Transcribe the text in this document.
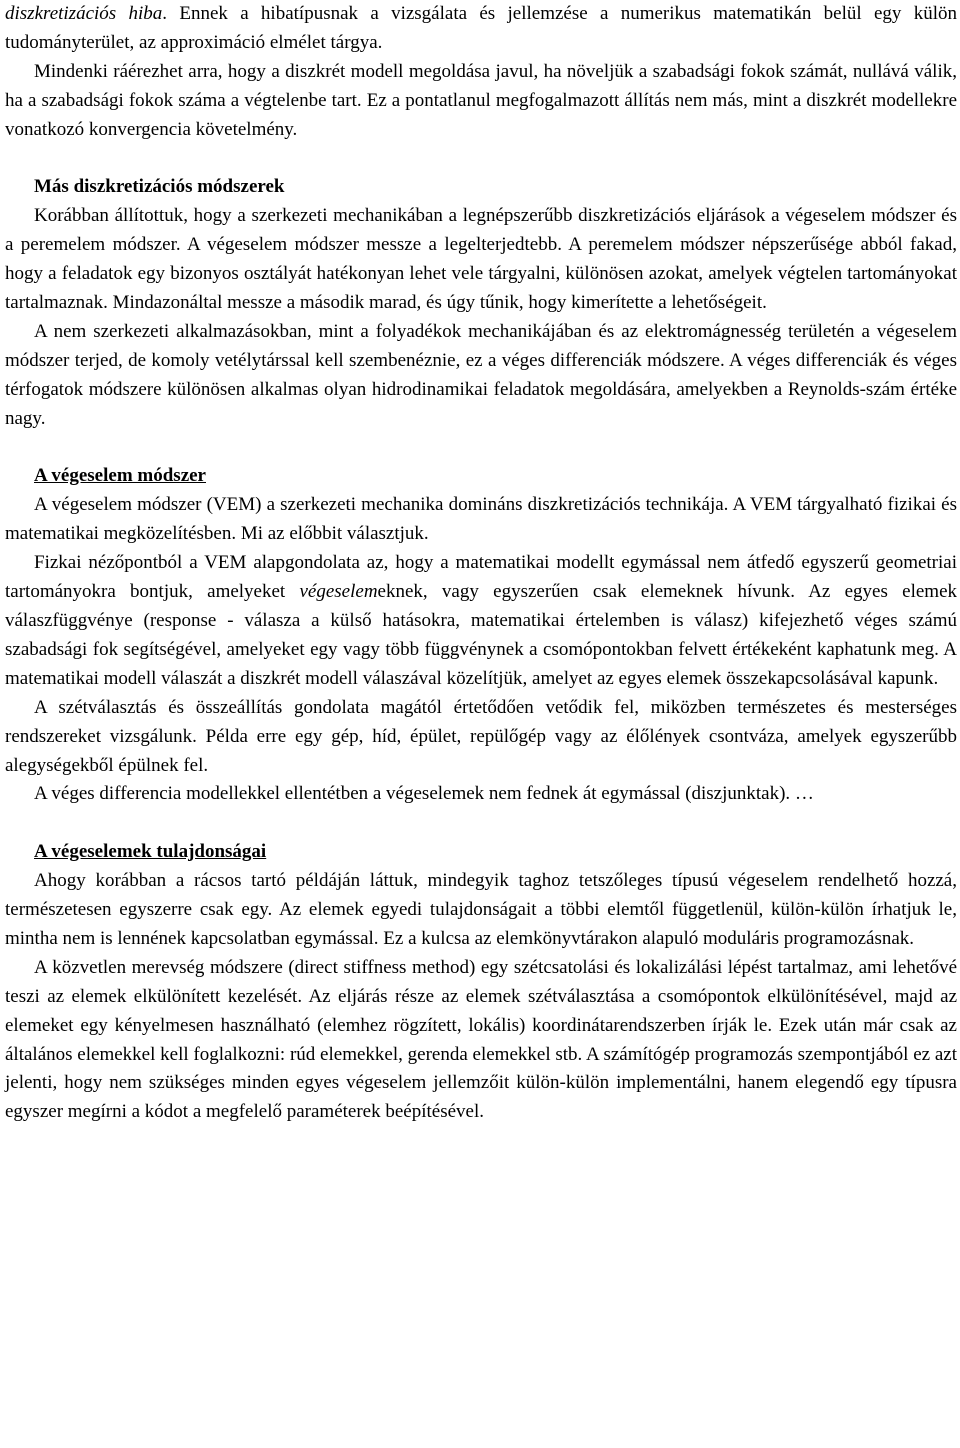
diszkretizációs hiba. Ennek a hibatípusnak a vizsgálata és jellemzése a numerikus matematikán belül egy külön tudományterület, az approximáció elmélet tárgya.

Mindenki ráérezhet arra, hogy a diszkrét modell megoldása javul, ha növeljük a szabadsági fokok számát, nullává válik, ha a szabadsági fokok száma a végtelenbe tart. Ez a pontatlanul megfogalmazott állítás nem más, mint a diszkrét modellekre vonatkozó konvergencia követelmény.

Más diszkretizációs módszerek

Korábban állítottuk, hogy a szerkezeti mechanikában a legnépszerűbb diszkretizációs eljárások a végeselem módszer és a peremelem módszer. A végeselem módszer messze a legelterjedtebb. A peremelem módszer népszerűsége abból fakad, hogy a feladatok egy bizonyos osztályát hatékonyan lehet vele tárgyalni, különösen azokat, amelyek végtelen tartományokat tartalmaznak. Mindazonáltal messze a második marad, és úgy tűnik, hogy kimerítette a lehetőségeit.

A nem szerkezeti alkalmazásokban, mint a folyadékok mechanikájában és az elektromágnesség területén a végeselem módszer terjed, de komoly vetélytárssal kell szembenéznie, ez a véges differenciák módszere. A véges differenciák és véges térfogatok módszere különösen alkalmas olyan hidrodinamikai feladatok megoldására, amelyekben a Reynolds-szám értéke nagy.

A végeselem módszer

A végeselem módszer (VEM) a szerkezeti mechanika domináns diszkretizációs technikája. A VEM tárgyalható fizikai és matematikai megközelítésben. Mi az előbbit választjuk.

Fizkai nézőpontból a VEM alapgondolata az, hogy a matematikai modellt egymással nem átfedő egyszerű geometriai tartományokra bontjuk, amelyeket végeselemeknek, vagy egyszerűen csak elemeknek hívunk. Az egyes elemek válaszfüggvénye (response - válasza a külső hatásokra, matematikai értelemben is válasz) kifejezhető véges számú szabadsági fok segítségével, amelyeket egy vagy több függvénynek a csomópontokban felvett értékeként kaphatunk meg. A matematikai modell válaszát a diszkrét modell válaszával közelítjük, amelyet az egyes elemek összekapcsolásával kapunk.

A szétválasztás és összeállítás gondolata magától értetődően vetődik fel, miközben természetes és mesterséges rendszereket vizsgálunk. Példa erre egy gép, híd, épület, repülőgép vagy az élőlények csontváza, amelyek egyszerűbb alegységekből épülnek fel.

A véges differencia modellekkel ellentétben a végeselemek nem fednek át egymással (diszjunktak). …

A végeselemek tulajdonságai

Ahogy korábban a rácsos tartó példáján láttuk, mindegyik taghoz tetszőleges típusú végeselem rendelhető hozzá, természetesen egyszerre csak egy. Az elemek egyedi tulajdonságait a többi elemtől függetlenül, külön-külön írhatjuk le, mintha nem is lennének kapcsolatban egymással. Ez a kulcsa az elemkönyvtárakon alapuló moduláris programozásnak.

A közvetlen merevség módszere (direct stiffness method) egy szétcsatolási és lokalizálási lépést tartalmaz, ami lehetővé teszi az elemek elkülönített kezelését. Az eljárás része az elemek szétválasztása a csomópontok elkülönítésével, majd az elemeket egy kényelmesen használható (elemhez rögzített, lokális) koordinátarendszerben írják le. Ezek után már csak az általános elemekkel kell foglalkozni: rúd elemekkel, gerenda elemekkel stb. A számítógép programozás szempontjából ez azt jelenti, hogy nem szükséges minden egyes végeselem jellemzőit külön-külön implementálni, hanem elegendő egy típusra egyszer megírni a kódot a megfelelő paraméterek beépítésével.
